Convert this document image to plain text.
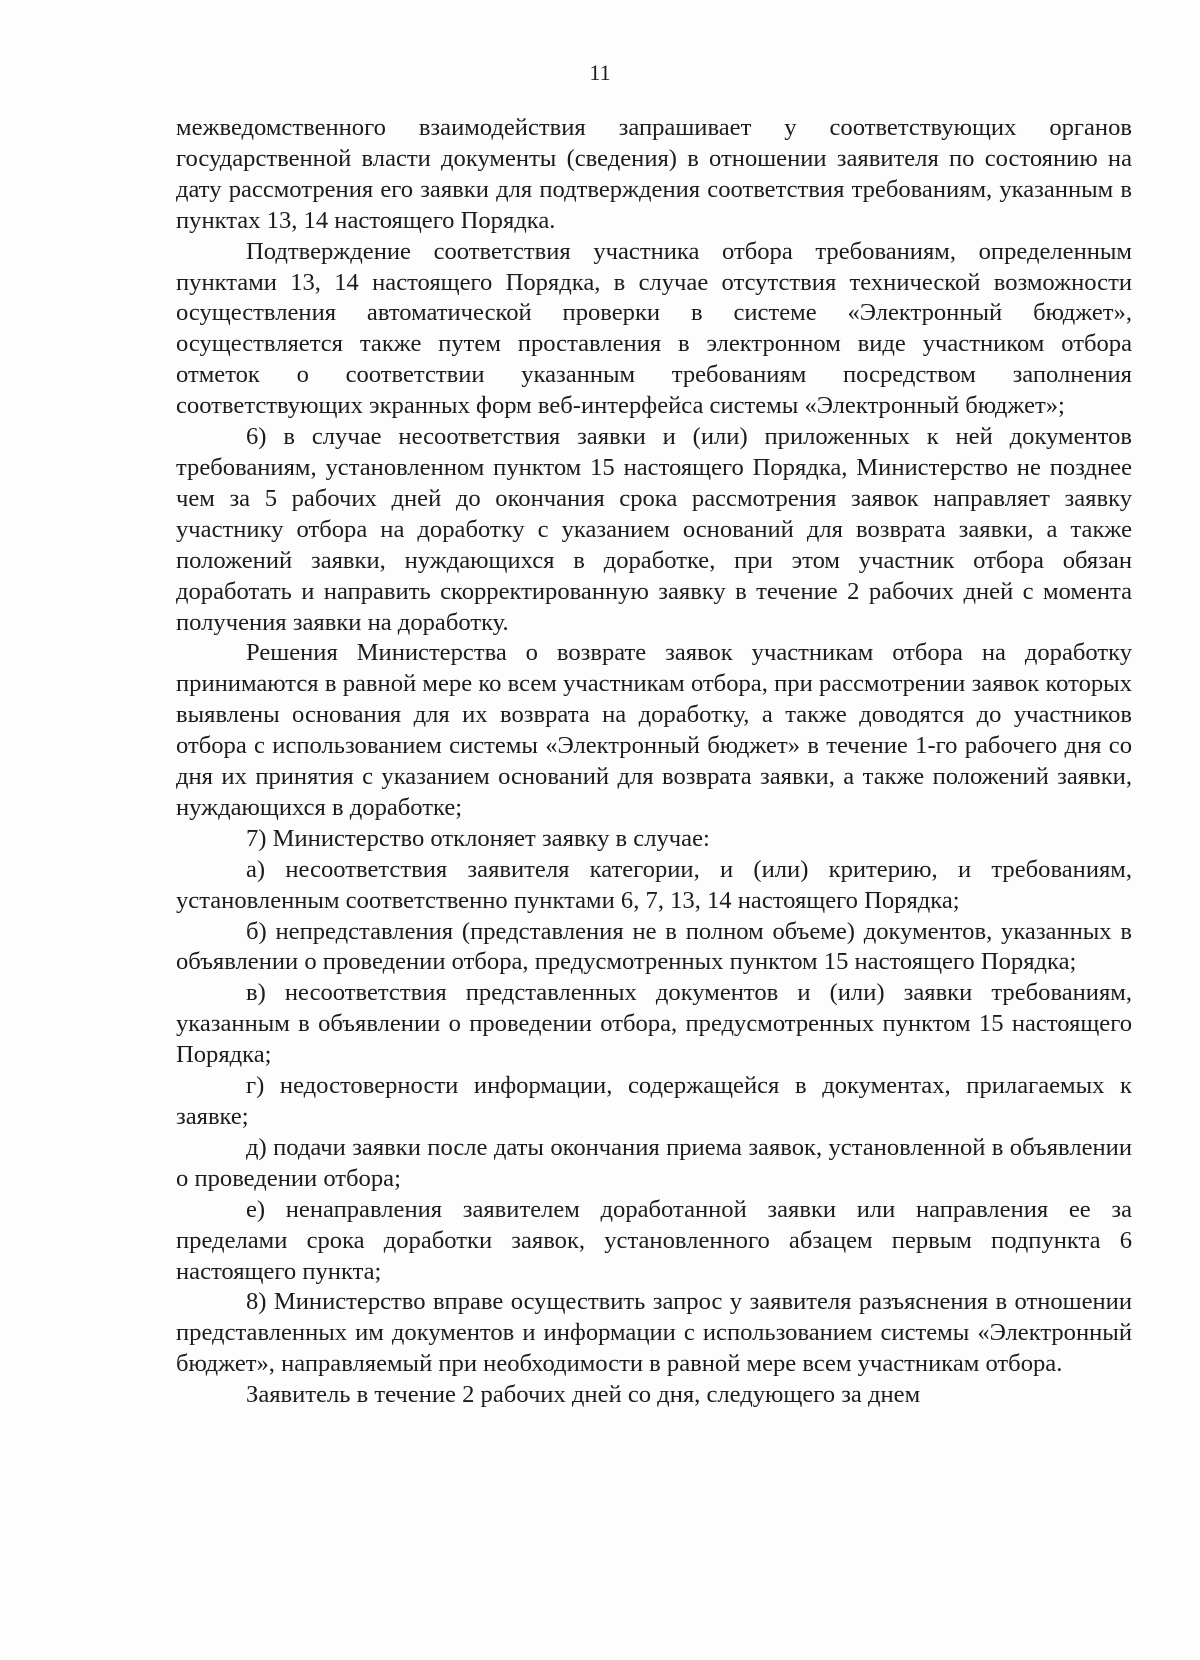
11

межведомственного взаимодействия запрашивает у соответствующих органов государственной власти документы (сведения) в отношении заявителя по состоянию на дату рассмотрения его заявки для подтверждения соответствия требованиям, указанным в пунктах 13, 14 настоящего Порядка.

Подтверждение соответствия участника отбора требованиям, определенным пунктами 13, 14 настоящего Порядка, в случае отсутствия технической возможности осуществления автоматической проверки в системе «Электронный бюджет», осуществляется также путем проставления в электронном виде участником отбора отметок о соответствии указанным требованиям посредством заполнения соответствующих экранных форм веб-интерфейса системы «Электронный бюджет»;

6) в случае несоответствия заявки и (или) приложенных к ней документов требованиям, установленном пунктом 15 настоящего Порядка, Министерство не позднее чем за 5 рабочих дней до окончания срока рассмотрения заявок направляет заявку участнику отбора на доработку с указанием оснований для возврата заявки, а также положений заявки, нуждающихся в доработке, при этом участник отбора обязан доработать и направить скорректированную заявку в течение 2 рабочих дней с момента получения заявки на доработку.

Решения Министерства о возврате заявок участникам отбора на доработку принимаются в равной мере ко всем участникам отбора, при рассмотрении заявок которых выявлены основания для их возврата на доработку, а также доводятся до участников отбора с использованием системы «Электронный бюджет» в течение 1-го рабочего дня со дня их принятия с указанием оснований для возврата заявки, а также положений заявки, нуждающихся в доработке;

7) Министерство отклоняет заявку в случае:

а) несоответствия заявителя категории, и (или) критерию, и требованиям, установленным соответственно пунктами 6, 7, 13, 14 настоящего Порядка;

б) непредставления (представления не в полном объеме) документов, указанных в объявлении о проведении отбора, предусмотренных пунктом 15 настоящего Порядка;

в) несоответствия представленных документов и (или) заявки требованиям, указанным в объявлении о проведении отбора, предусмотренных пунктом 15 настоящего Порядка;

г) недостоверности информации, содержащейся в документах, прилагаемых к заявке;

д) подачи заявки после даты окончания приема заявок, установленной в объявлении о проведении отбора;

е) ненаправления заявителем доработанной заявки или направления ее за пределами срока доработки заявок, установленного абзацем первым подпункта 6 настоящего пункта;

8) Министерство вправе осуществить запрос у заявителя разъяснения в отношении представленных им документов и информации с использованием системы «Электронный бюджет», направляемый при необходимости в равной мере всем участникам отбора.

Заявитель в течение 2 рабочих дней со дня, следующего за днем
